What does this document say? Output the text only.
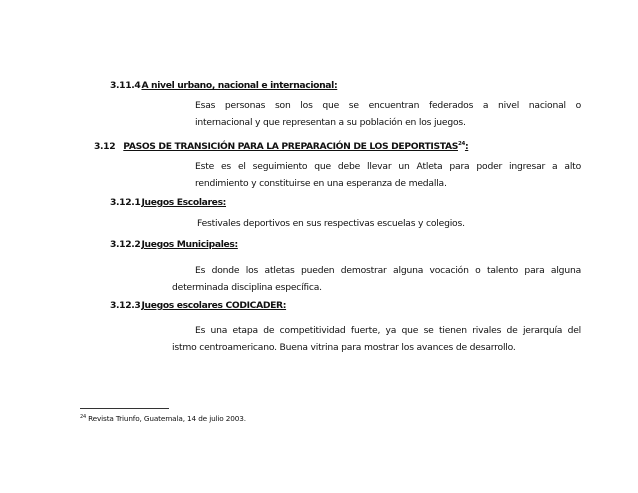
3.11.4A nivel urbano, nacional e internacional:
Esas personas son los que se encuentran federados a nivel nacional o
internacional y que representan a su población en los juegos.
3.12 PASOS DE TRANSICIÓN PARA LA PREPARACIÓN DE LOS DEPORTISTAS$^{24}$:
Este es el seguimiento que debe llevar un Atleta para poder ingresar a alto
rendimiento y constituirse en una esperanza de medalla.
3.12.1Juegos Escolares:
Festivales deportivos en sus respectivas escuelas y colegios.
3.12.2Juegos Municipales:
Es donde los atletas pueden demostrar alguna vocación o talento para alguna
determinada disciplina específica.
3.12.3Juegos escolares CODICADER:
Es una etapa de competitividad fuerte, ya que se tienen rivales de jerarquía del
istmo centroamericano. Buena vitrina para mostrar los avances de desarrollo.
$^{24}$ Revista Triunfo, Guatemala, 14 de julio 2003.
